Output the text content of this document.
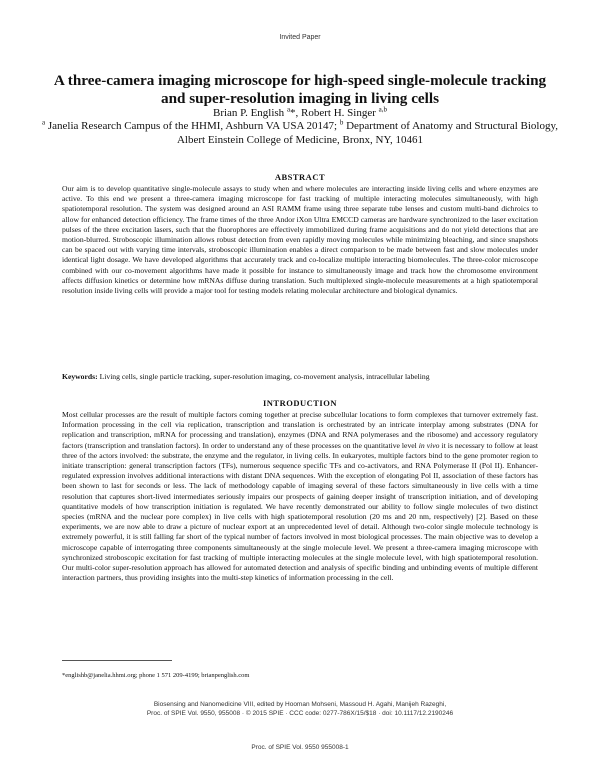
Invited Paper
A three-camera imaging microscope for high-speed single-molecule tracking and super-resolution imaging in living cells
Brian P. English $^a$*, Robert H. Singer $^{a,b}$
$^a$ Janelia Research Campus of the HHMI, Ashburn VA USA 20147; $^b$ Department of Anatomy and Structural Biology, Albert Einstein College of Medicine, Bronx, NY, 10461
ABSTRACT
Our aim is to develop quantitative single-molecule assays to study when and where molecules are interacting inside living cells and where enzymes are active. To this end we present a three-camera imaging microscope for fast tracking of multiple interacting molecules simultaneously, with high spatiotemporal resolution. The system was designed around an ASI RAMM frame using three separate tube lenses and custom multi-band dichroics to allow for enhanced detection efficiency. The frame times of the three Andor iXon Ultra EMCCD cameras are hardware synchronized to the laser excitation pulses of the three excitation lasers, such that the fluorophores are effectively immobilized during frame acquisitions and do not yield detections that are motion-blurred. Stroboscopic illumination allows robust detection from even rapidly moving molecules while minimizing bleaching, and since snapshots can be spaced out with varying time intervals, stroboscopic illumination enables a direct comparison to be made between fast and slow molecules under identical light dosage. We have developed algorithms that accurately track and co-localize multiple interacting biomolecules. The three-color microscope combined with our co-movement algorithms have made it possible for instance to simultaneously image and track how the chromosome environment affects diffusion kinetics or determine how mRNAs diffuse during translation. Such multiplexed single-molecule measurements at a high spatiotemporal resolution inside living cells will provide a major tool for testing models relating molecular architecture and biological dynamics.
Keywords: Living cells, single particle tracking, super-resolution imaging, co-movement analysis, intracellular labeling
INTRODUCTION
Most cellular processes are the result of multiple factors coming together at precise subcellular locations to form complexes that turnover extremely fast. Information processing in the cell via replication, transcription and translation is orchestrated by an intricate interplay among substrates (DNA for replication and transcription, mRNA for processing and translation), enzymes (DNA and RNA polymerases and the ribosome) and accessory regulatory factors (transcription and translation factors). In order to understand any of these processes on the quantitative level in vivo it is necessary to follow at least three of the actors involved: the substrate, the enzyme and the regulator, in living cells. In eukaryotes, multiple factors bind to the gene promoter region to initiate transcription: general transcription factors (TFs), numerous sequence specific TFs and co-activators, and RNA Polymerase II (Pol II). Enhancer-regulated expression involves additional interactions with distant DNA sequences. With the exception of elongating Pol II, association of these factors has been shown to last for seconds or less. The lack of methodology capable of imaging several of these factors simultaneously in live cells with a time resolution that captures short-lived intermediates seriously impairs our prospects of gaining deeper insight of transcription initiation, and of developing quantitative models of how transcription initiation is regulated. We have recently demonstrated our ability to follow single molecules of two distinct species (mRNA and the nuclear pore complex) in live cells with high spatiotemporal resolution (20 ms and 20 nm, respectively) [2]. Based on these experiments, we are now able to draw a picture of nuclear export at an unprecedented level of detail. Although two-color single molecule technology is extremely powerful, it is still falling far short of the typical number of factors involved in most biological processes. The main objective was to develop a microscope capable of interrogating three components simultaneously at the single molecule level. We present a three-camera imaging microscope with synchronized stroboscopic excitation for fast tracking of multiple interacting molecules at the single molecule level, with high spatiotemporal resolution. Our multi-color super-resolution approach has allowed for automated detection and analysis of specific binding and unbinding events of multiple different interaction partners, thus providing insights into the multi-step kinetics of information processing in the cell.
*englishb@janelia.hhmi.org; phone 1 571 209-4199; brianpenglish.com
Biosensing and Nanomedicine VIII, edited by Hooman Mohseni, Massoud H. Agahi, Manijeh Razeghi,
Proc. of SPIE Vol. 9550, 955008 · © 2015 SPIE · CCC code: 0277-786X/15/$18 · doi: 10.1117/12.2190246
Proc. of SPIE Vol. 9550 955008-1
